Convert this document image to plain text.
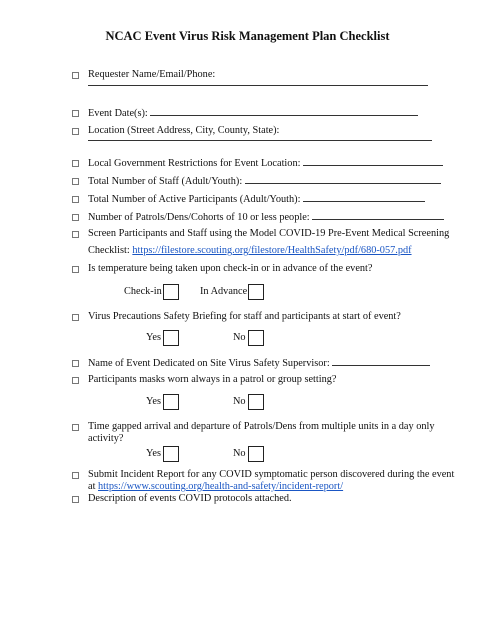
NCAC Event Virus Risk Management Plan Checklist
Requester Name/Email/Phone:
Event Date(s):
Location (Street Address, City, County, State):
Local Government Restrictions for Event Location:
Total Number of Staff (Adult/Youth):
Total Number of Active Participants (Adult/Youth):
Number of Patrols/Dens/Cohorts of 10 or less people:
Screen Participants and Staff using the Model COVID-19 Pre-Event Medical Screening
Checklist: https://filestore.scouting.org/filestore/HealthSafety/pdf/680-057.pdf
Is temperature being taken upon check-in or in advance of the event?
Check-in	In Advance
Virus Precautions Safety Briefing for staff and participants at start of event?
Yes	No
Name of Event Dedicated on Site Virus Safety Supervisor:
Participants masks worn always in a patrol or group setting?
Yes	No
Time gapped arrival and departure of Patrols/Dens from multiple units in a day only
activity?
Yes	No
Submit Incident Report for any COVID symptomatic person discovered during the event
at https://www.scouting.org/health-and-safety/incident-report/
Description of events COVID protocols attached.
